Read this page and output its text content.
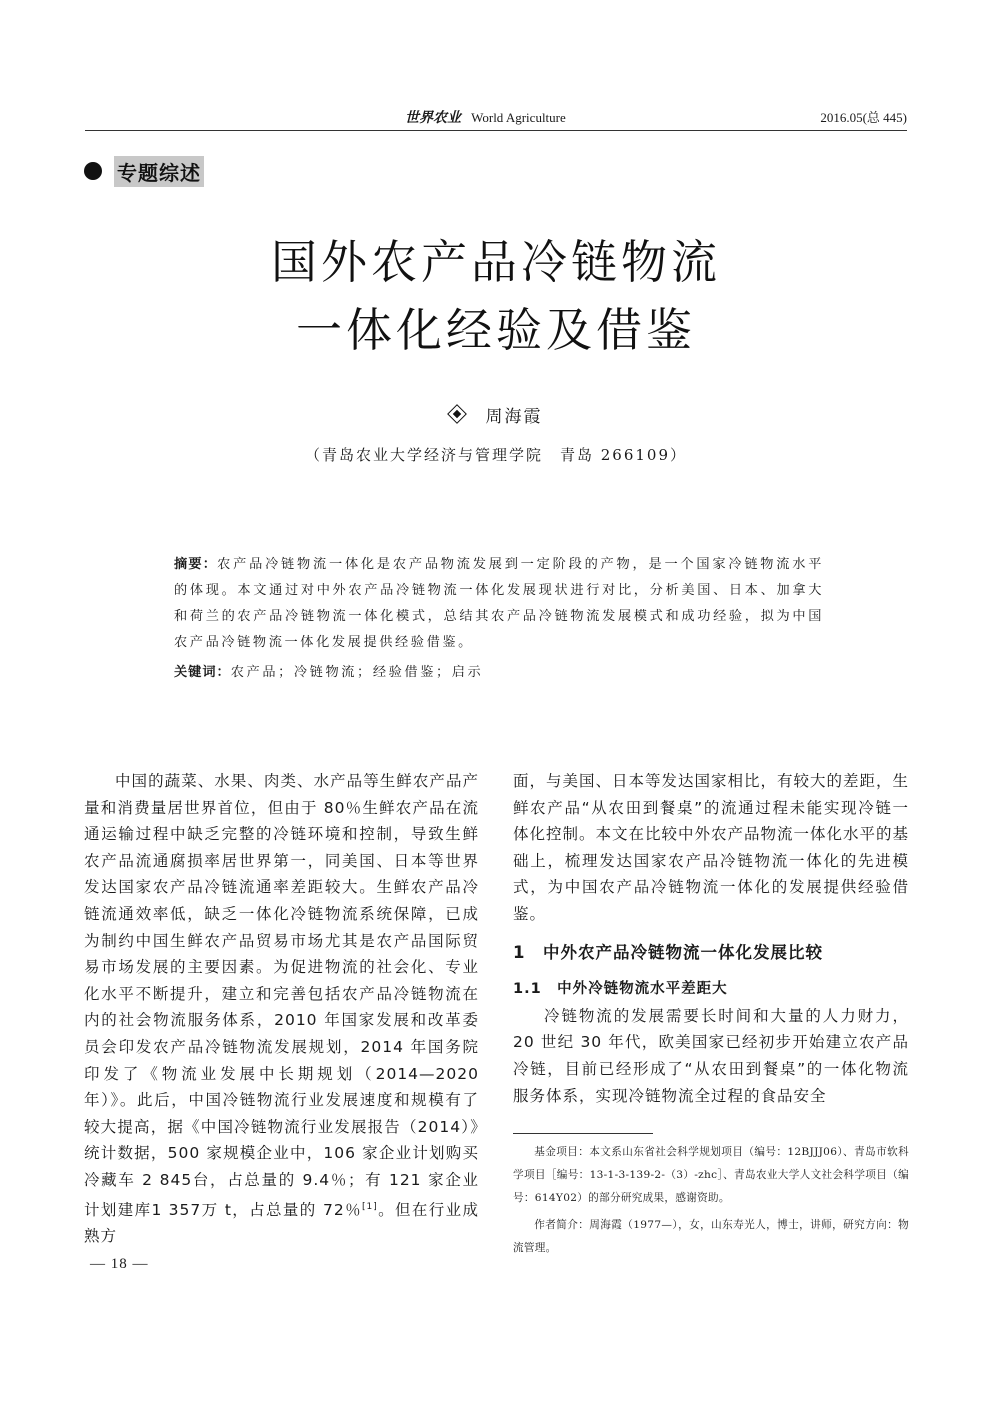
世界农业 World Agriculture	2016.05(总 445)
专题综述
国外农产品冷链物流
一体化经验及借鉴
周海霞
（青岛农业大学经济与管理学院　青岛 266109）
摘要：农产品冷链物流一体化是农产品物流发展到一定阶段的产物，是一个国家冷链物流水平的体现。本文通过对中外农产品冷链物流一体化发展现状进行对比，分析美国、日本、加拿大和荷兰的农产品冷链物流一体化模式，总结其农产品冷链物流发展模式和成功经验，拟为中国农产品冷链物流一体化发展提供经验借鉴。
关键词：农产品；冷链物流；经验借鉴；启示

中国的蔬菜、水果、肉类、水产品等生鲜农产品产量和消费量居世界首位，但由于 80％生鲜农产品在流通运输过程中缺乏完整的冷链环境和控制，导致生鲜农产品流通腐损率居世界第一，同美国、日本等世界发达国家农产品冷链流通率差距较大。生鲜农产品冷链流通效率低，缺乏一体化冷链物流系统保障，已成为制约中国生鲜农产品贸易市场尤其是农产品国际贸易市场发展的主要因素。为促进物流的社会化、专业化水平不断提升，建立和完善包括农产品冷链物流在内的社会物流服务体系，2010 年国家发展和改革委员会印发农产品冷链物流发展规划，2014 年国务院印发了《物流业发展中长期规划（2014—2020 年）》。此后，中国冷链物流行业发展速度和规模有了较大提高，据《中国冷链物流行业发展报告（2014）》统计数据，500 家规模企业中，106 家企业计划购买冷藏车 2 845台，占总量的 9.4％；有 121 家企业计划建库1 357万 t，占总量的 72％[1]。但在行业成熟方

面，与美国、日本等发达国家相比，有较大的差距，生鲜农产品“从农田到餐桌”的流通过程未能实现冷链一体化控制。本文在比较中外农产品物流一体化水平的基础上，梳理发达国家农产品冷链物流一体化的先进模式，为中国农产品冷链物流一体化的发展提供经验借鉴。

1　中外农产品冷链物流一体化发展比较

1.1　中外冷链物流水平差距大

冷链物流的发展需要长时间和大量的人力财力，20 世纪 30 年代，欧美国家已经初步开始建立农产品冷链，目前已经形成了“从农田到餐桌”的一体化物流服务体系，实现冷链物流全过程的食品安全

基金项目：本文系山东省社会科学规划项目（编号：12BJJJ06）、青岛市软科学项目［编号：13-1-3-139-2-（3）-zhc］、青岛农业大学人文社会科学项目（编号：614Y02）的部分研究成果，感谢资助。

作者简介：周海霞（1977—），女，山东寿光人，博士，讲师，研究方向：物流管理。

— 18 —
